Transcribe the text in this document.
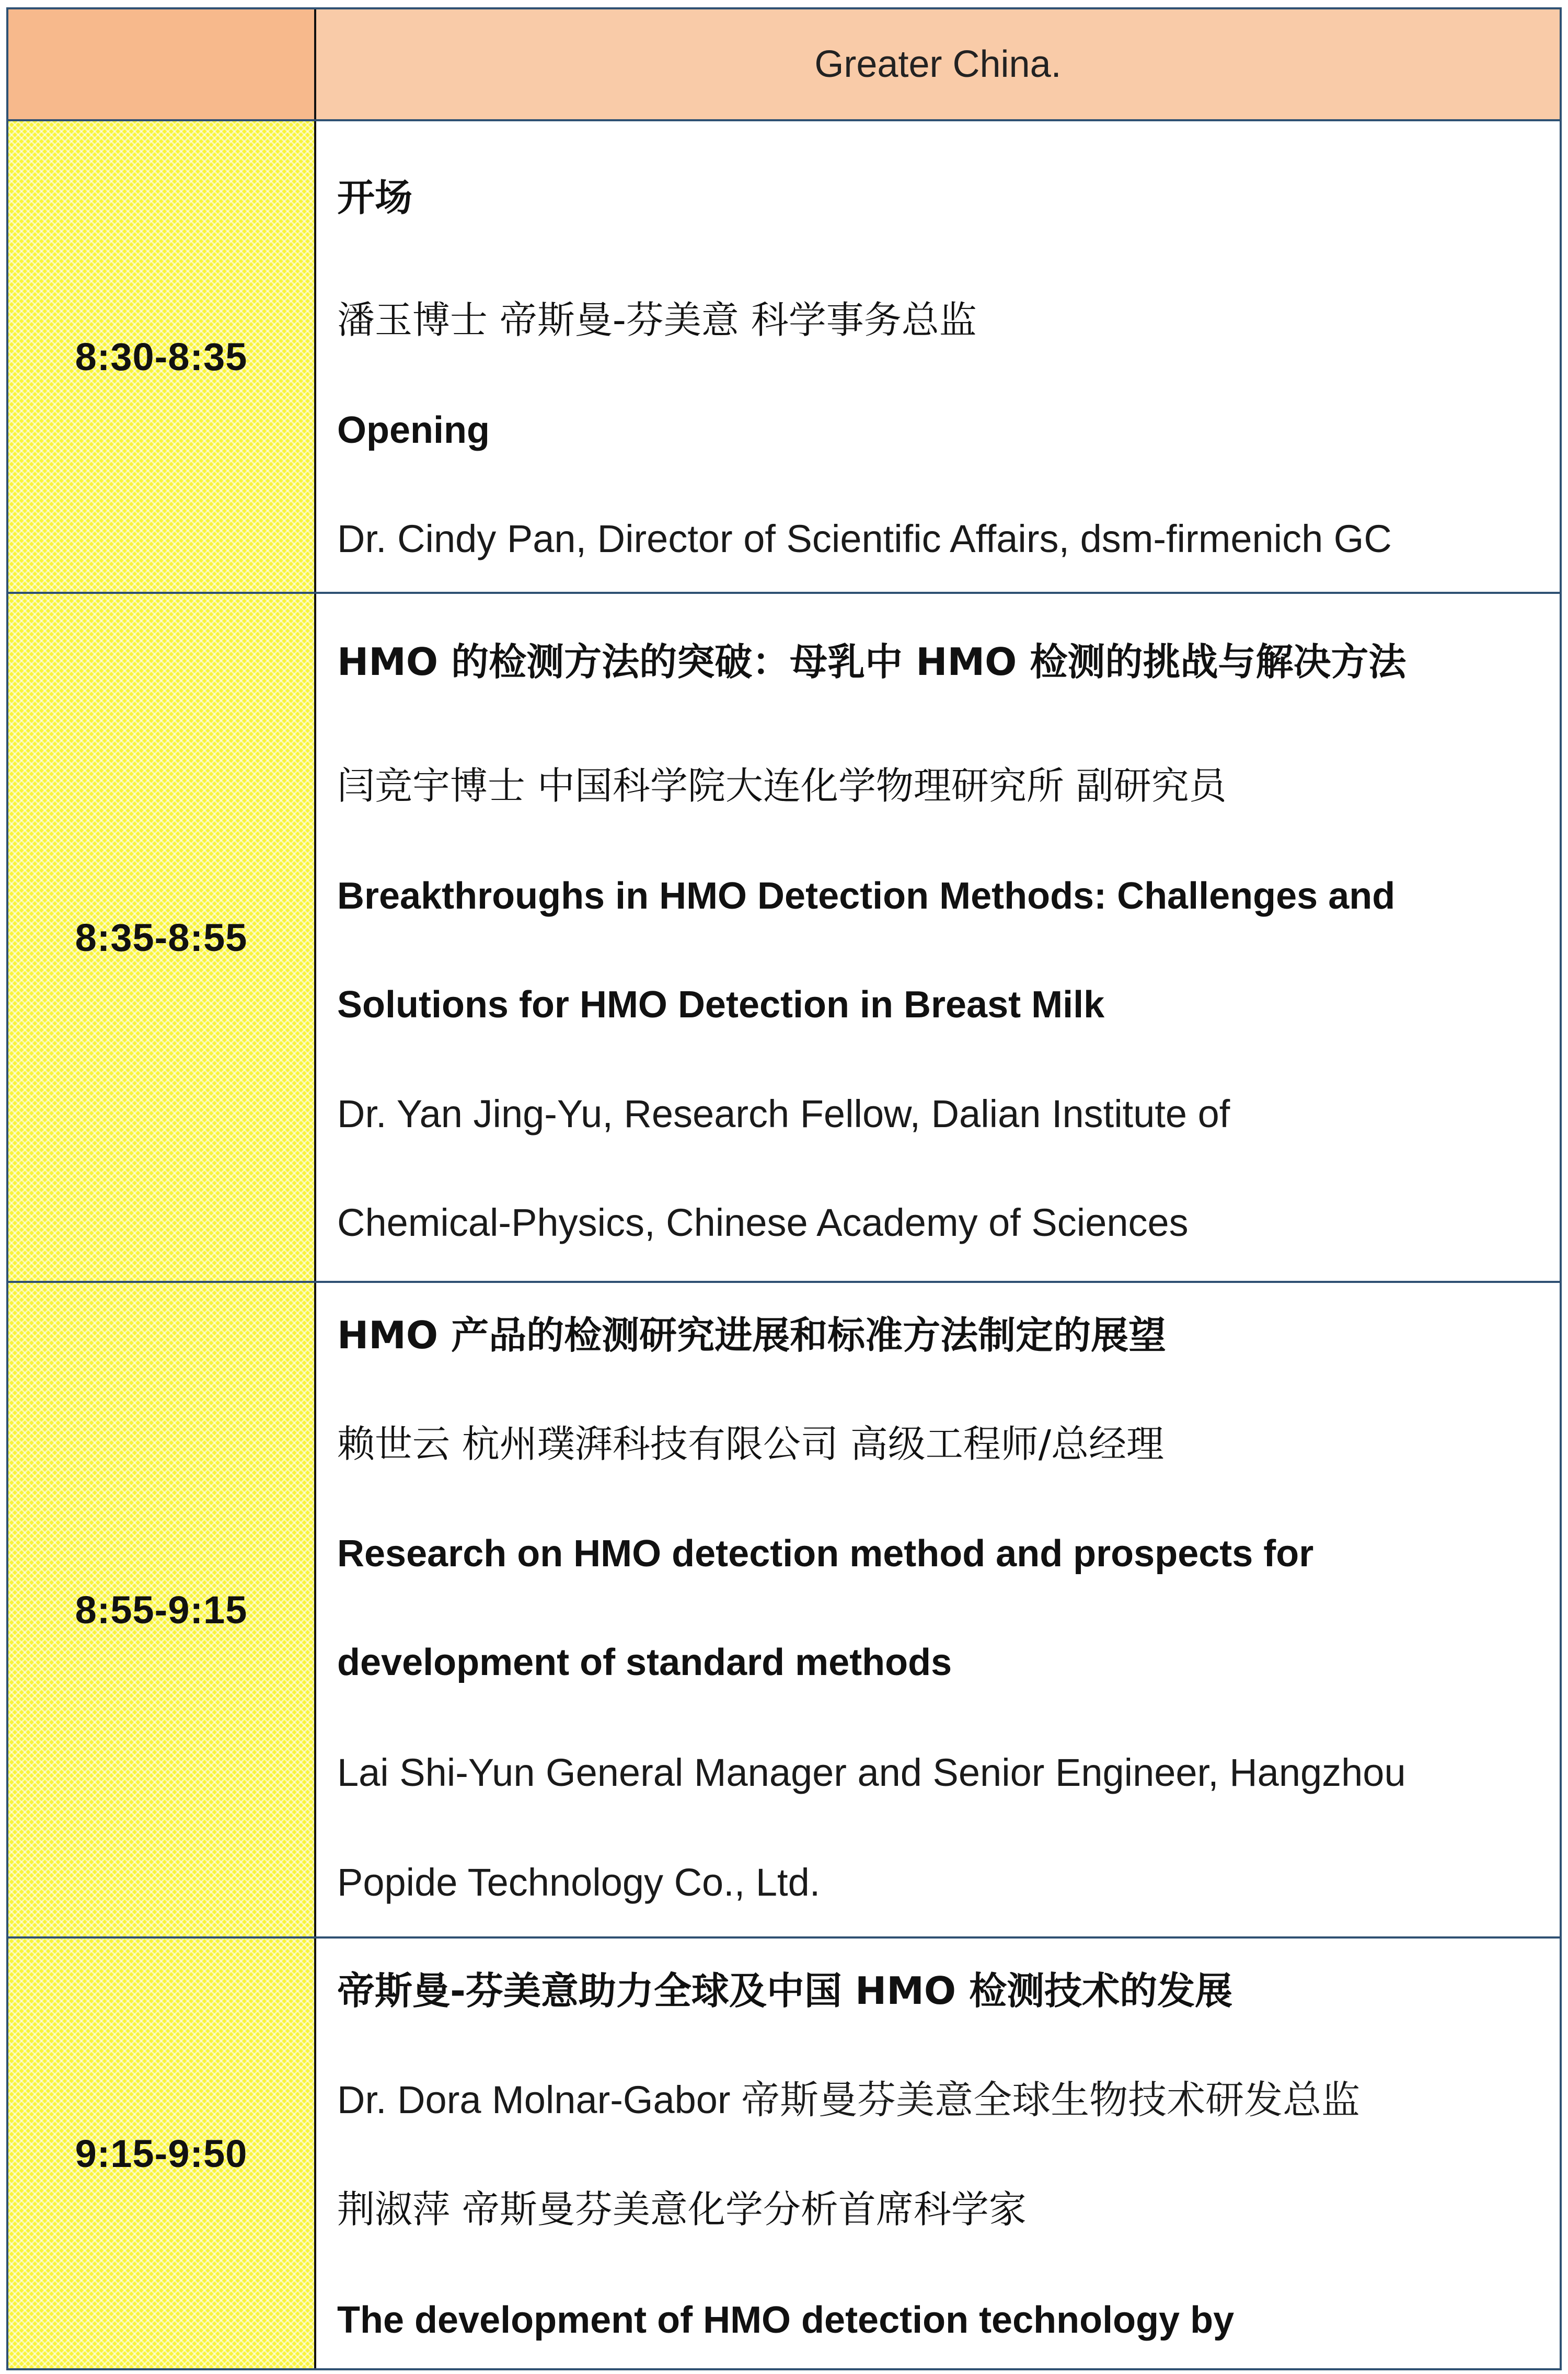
Greater China.
8:30-8:35
开场
潘玉博士 帝斯曼-芬美意 科学事务总监
Opening
Dr. Cindy Pan, Director of Scientific Affairs, dsm-firmenich GC
8:35-8:55
HMO 的检测方法的突破：母乳中 HMO 检测的挑战与解决方法
闫竞宇博士 中国科学院大连化学物理研究所 副研究员
Breakthroughs in HMO Detection Methods: Challenges and
Solutions for HMO Detection in Breast Milk
Dr. Yan Jing-Yu, Research Fellow, Dalian Institute of
Chemical-Physics, Chinese Academy of Sciences
8:55-9:15
HMO 产品的检测研究进展和标准方法制定的展望
赖世云 杭州璞湃科技有限公司 高级工程师/总经理
Research on HMO detection method and prospects for
development of standard methods
Lai Shi-Yun General Manager and Senior Engineer, Hangzhou
Popide Technology Co., Ltd.
9:15-9:50
帝斯曼-芬美意助力全球及中国 HMO 检测技术的发展
Dr. Dora Molnar-Gabor 帝斯曼芬美意全球生物技术研发总监
荆淑萍 帝斯曼芬美意化学分析首席科学家
The development of HMO detection technology by
